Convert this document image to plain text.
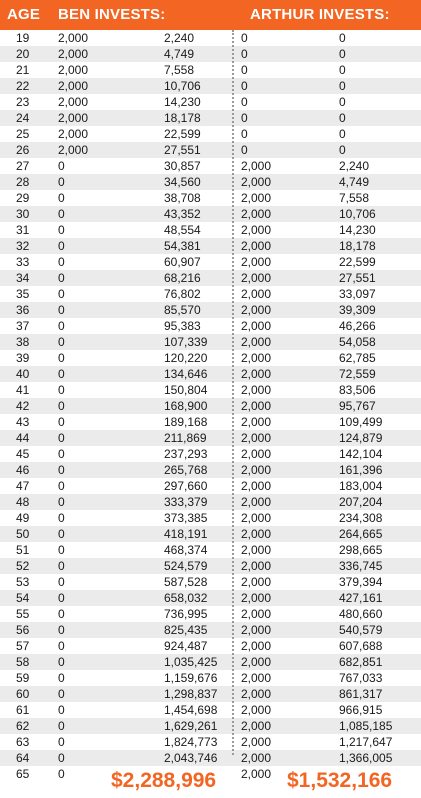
AGE BEN INVESTS:	ARTHUR INVESTS:
19 2,000	2,240	0	0
20 2,000	4,749	0	0
21 2,000	7,558	0	0
22 2,000	10,706	0	0
23 2,000	14,230	0	0
24 2,000	18,178	0	0
25 2,000	22,599	0	0
26 2,000	27,551	0	0
27 0	30,857	2,000	2,240
28 0	34,560	2,000	4,749
29 0	38,708	2,000	7,558
30 0	43,352	2,000	10,706
31 0	48,554	2,000	14,230
32 0	54,381	2,000	18,178
33 0	60,907	2,000	22,599
34 0	68,216	2,000	27,551
35 0	76,802	2,000	33,097
36 0	85,570	2,000	39,309
37 0	95,383	2,000	46,266
38 0	107,339	2,000	54,058
39 0	120,220	2,000	62,785
40 0	134,646	2,000	72,559
41 0	150,804	2,000	83,506
42 0	168,900	2,000	95,767
43 0	189,168	2,000	109,499
44 0	211,869	2,000	124,879
45 0	237,293	2,000	142,104
46 0	265,768	2,000	161,396
47 0	297,660	2,000	183,004
48 0	333,379	2,000	207,204
49 0	373,385	2,000	234,308
50 0	418,191	2,000	264,665
51 0	468,374	2,000	298,665
52 0	524,579	2,000	336,745
53 0	587,528	2,000	379,394
54 0	658,032	2,000	427,161
55 0	736,995	2,000	480,660
56 0	825,435	2,000	540,579
57 0	924,487	2,000	607,688
58 0	1,035,425 2,000	682,851
59 0	1,159,676 2,000	767,033
60 0	1,298,837 2,000	861,317
61 0	1,454,698 2,000	966,915
62 0	1,629,261 2,000	1,085,185
63 0	1,824,773 2,000	1,217,647
64 0	2,043,746 2,000	1,366,005
65 0 $2,288,996 2,000 $1,532,166
